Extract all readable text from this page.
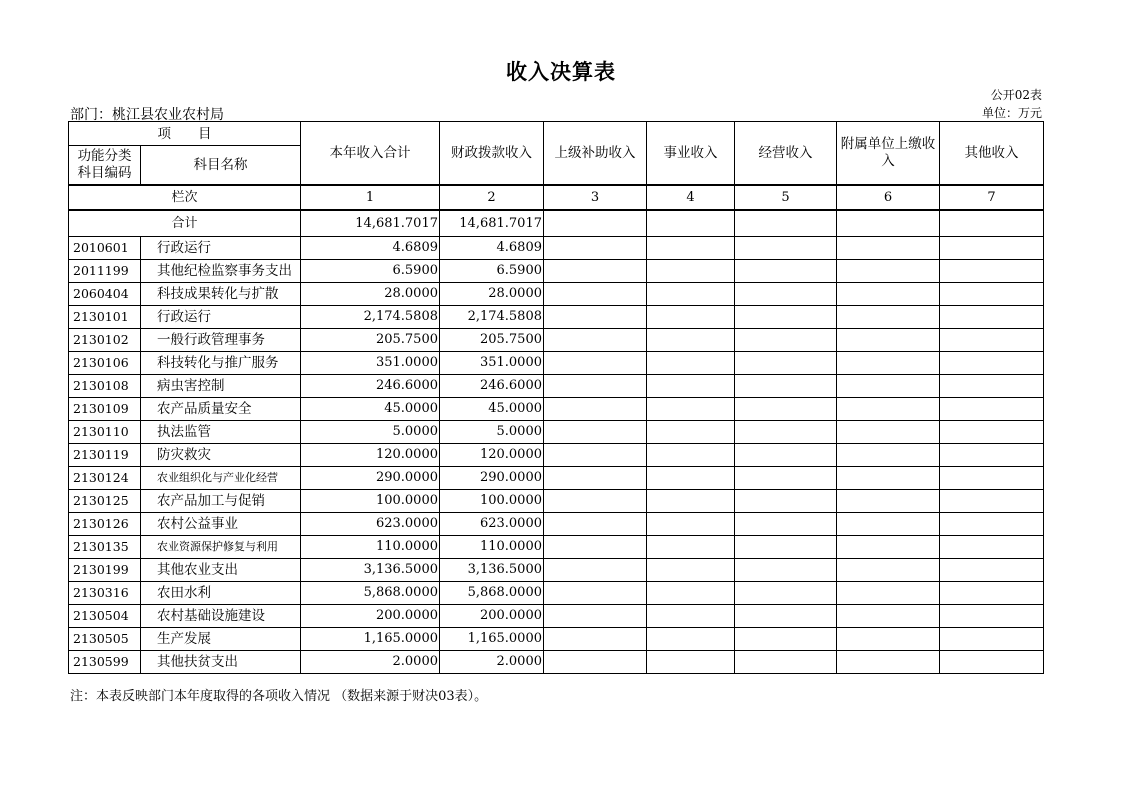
收入决算表
公开02表
部门：桃江县农业农村局	单位：万元
项　　目		本年收入合计	财政拨款收入	上级补助收入	事业收入	经营收入	附属单位上缴收入	其他收入
功能分类科目编码	科目名称							
栏次		1	2	3	4	5	6	7
合计		14,681.7017	14,681.7017					
2010601	行政运行	4.6809	4.6809					
2011199	其他纪检监察事务支出	6.5900	6.5900					
2060404	科技成果转化与扩散	28.0000	28.0000					
2130101	行政运行	2,174.5808	2,174.5808					
2130102	一般行政管理事务	205.7500	205.7500					
2130106	科技转化与推广服务	351.0000	351.0000					
2130108	病虫害控制	246.6000	246.6000					
2130109	农产品质量安全	45.0000	45.0000					
2130110	执法监管	5.0000	5.0000					
2130119	防灾救灾	120.0000	120.0000					
2130124	农业组织化与产业化经营	290.0000	290.0000					
2130125	农产品加工与促销	100.0000	100.0000					
2130126	农村公益事业	623.0000	623.0000					
2130135	农业资源保护修复与利用	110.0000	110.0000					
2130199	其他农业支出	3,136.5000	3,136.5000					
2130316	农田水利	5,868.0000	5,868.0000					
2130504	农村基础设施建设	200.0000	200.0000					
2130505	生产发展	1,165.0000	1,165.0000					
2130599	其他扶贫支出	2.0000	2.0000					
注：本表反映部门本年度取得的各项收入情况 （数据来源于财决03表）。
